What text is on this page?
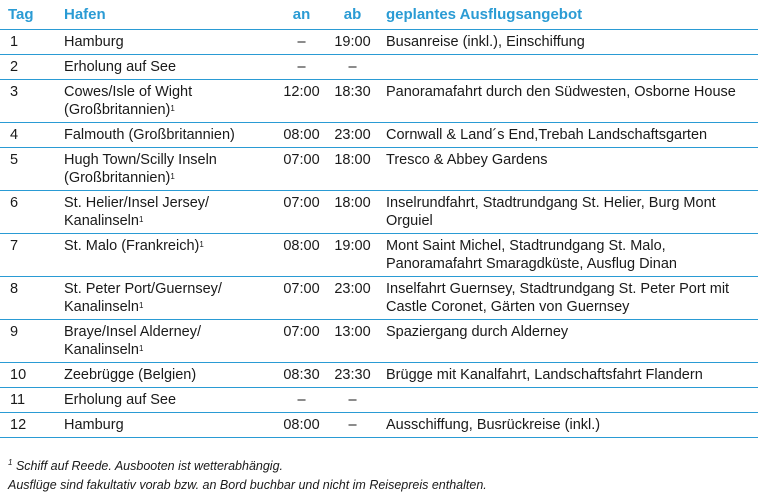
Tag	Hafen	an	ab	geplantes Ausflugsangebot
1	Hamburg	–	19:00	Busanreise (inkl.), Einschiffung
2	Erholung auf See	–	–	
3	Cowes/Isle of Wight (Großbritannien)$^1$	12:00	18:30	Panoramafahrt durch den Südwesten, Osborne House
4	Falmouth (Großbritannien)	08:00	23:00	Cornwall & Land´s End,Trebah Landschaftsgarten
5	Hugh Town/Scilly Inseln (Großbritannien)$^1$	07:00	18:00	Tresco & Abbey Gardens
6	St. Helier/Insel Jersey/ Kanalinseln$^1$	07:00	18:00	Inselrundfahrt, Stadtrundgang St. Helier, Burg Mont Orguiel
7	St. Malo (Frankreich)$^1$	08:00	19:00	Mont Saint Michel, Stadtrundgang St. Malo, Panoramafahrt Smaragdküste, Ausflug Dinan
8	St. Peter Port/Guernsey/ Kanalinseln$^1$	07:00	23:00	Inselfahrt Guernsey, Stadtrundgang St. Peter Port mit Castle Coronet, Gärten von Guernsey
9	Braye/Insel Alderney/ Kanalinseln$^1$	07:00	13:00	Spaziergang durch Alderney
10	Zeebrügge (Belgien)	08:30	23:30	Brügge mit Kanalfahrt, Landschaftsfahrt Flandern
11	Erholung auf See	–	–	
12	Hamburg	08:00	–	Ausschiffung, Busrückreise (inkl.)
$^1$ Schiff auf Reede. Ausbooten ist wetterabhängig.
Ausflüge sind fakultativ vorab bzw. an Bord buchbar und nicht im Reisepreis enthalten.
